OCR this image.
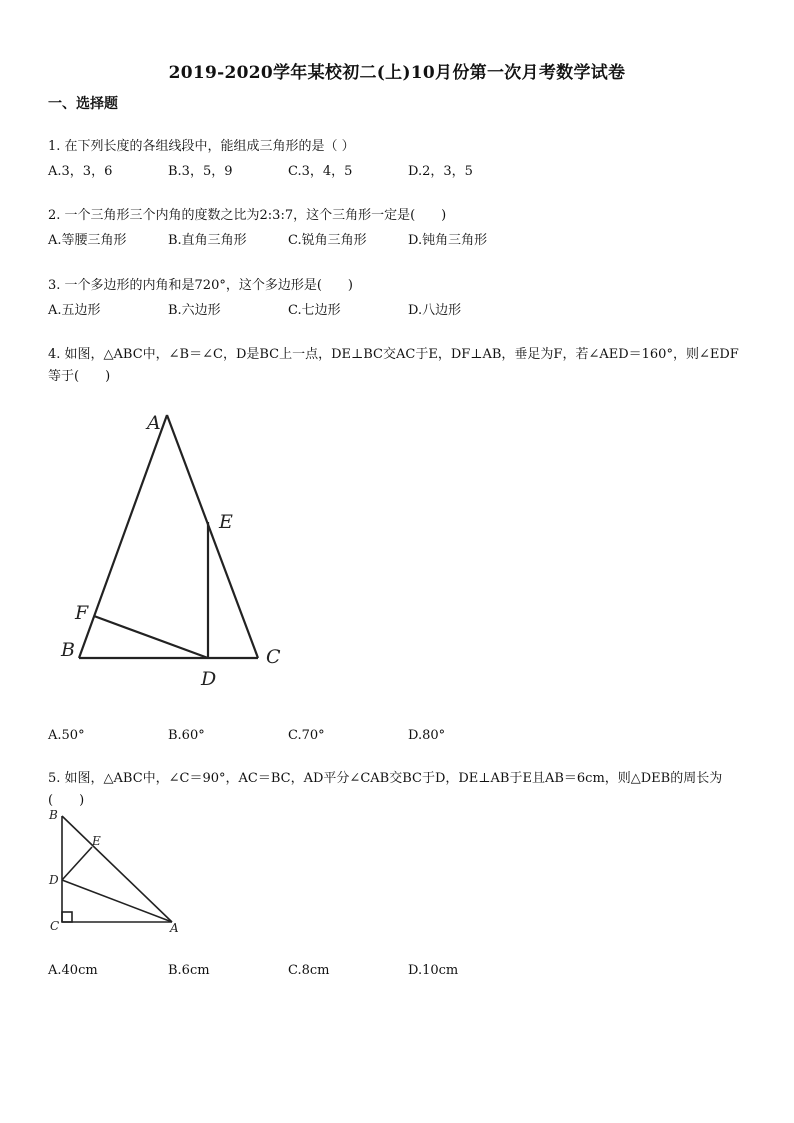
2019-2020学年某校初二(上)10月份第一次月考数学试卷
一、选择题
1. 在下列长度的各组线段中，能组成三角形的是（ ）
A.3，3，6	B.3，5，9	C.3，4，5	D.2，3，5
2. 一个三角形三个内角的度数之比为2:3:7，这个三角形一定是(　　)
A.等腰三角形	B.直角三角形	C.锐角三角形	D.钝角三角形
3. 一个多边形的内角和是720°，这个多边形是(　　)
A.五边形	B.六边形	C.七边形	D.八边形
4. 如图，△ABC中，∠B＝∠C，D是BC上一点，DE⊥BC交AC于E，DF⊥AB，垂足为F，若∠AED＝160°，则∠EDF等于(　　)
A
E
F
B
D
C
A.50°	B.60°	C.70°	D.80°
5. 如图，△ABC中，∠C＝90°，AC＝BC，AD平分∠CAB交BC于D，DE⊥AB于E且AB＝6cm，则△DEB的周长为(　　)
B
E
D
C	A
A.40cm	B.6cm	C.8cm	D.10cm
